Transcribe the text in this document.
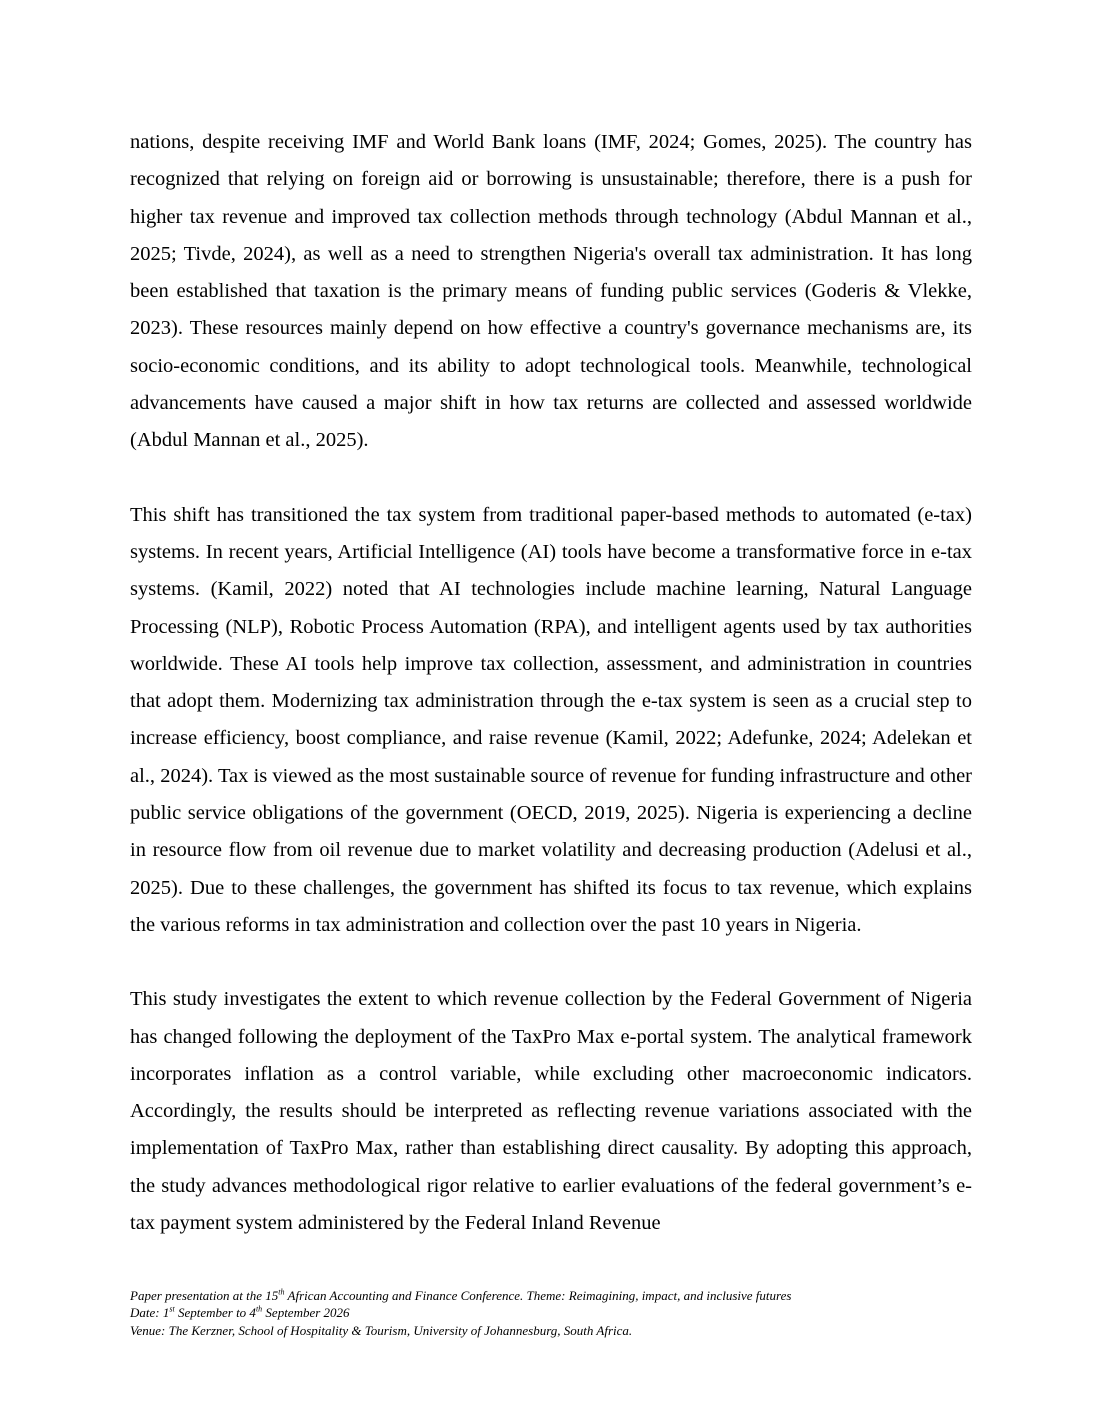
nations, despite receiving IMF and World Bank loans (IMF, 2024; Gomes, 2025). The country has recognized that relying on foreign aid or borrowing is unsustainable; therefore, there is a push for higher tax revenue and improved tax collection methods through technology (Abdul Mannan et al., 2025; Tivde, 2024), as well as a need to strengthen Nigeria's overall tax administration. It has long been established that taxation is the primary means of funding public services (Goderis & Vlekke, 2023). These resources mainly depend on how effective a country's governance mechanisms are, its socio-economic conditions, and its ability to adopt technological tools. Meanwhile, technological advancements have caused a major shift in how tax returns are collected and assessed worldwide (Abdul Mannan et al., 2025).

This shift has transitioned the tax system from traditional paper-based methods to automated (e-tax) systems. In recent years, Artificial Intelligence (AI) tools have become a transformative force in e-tax systems. (Kamil, 2022) noted that AI technologies include machine learning, Natural Language Processing (NLP), Robotic Process Automation (RPA), and intelligent agents used by tax authorities worldwide. These AI tools help improve tax collection, assessment, and administration in countries that adopt them. Modernizing tax administration through the e-tax system is seen as a crucial step to increase efficiency, boost compliance, and raise revenue (Kamil, 2022; Adefunke, 2024; Adelekan et al., 2024). Tax is viewed as the most sustainable source of revenue for funding infrastructure and other public service obligations of the government (OECD, 2019, 2025). Nigeria is experiencing a decline in resource flow from oil revenue due to market volatility and decreasing production (Adelusi et al., 2025). Due to these challenges, the government has shifted its focus to tax revenue, which explains the various reforms in tax administration and collection over the past 10 years in Nigeria.

This study investigates the extent to which revenue collection by the Federal Government of Nigeria has changed following the deployment of the TaxPro Max e-portal system. The analytical framework incorporates inflation as a control variable, while excluding other macroeconomic indicators. Accordingly, the results should be interpreted as reflecting revenue variations associated with the implementation of TaxPro Max, rather than establishing direct causality. By adopting this approach, the study advances methodological rigor relative to earlier evaluations of the federal government’s e-tax payment system administered by the Federal Inland Revenue

Paper presentation at the 15th African Accounting and Finance Conference. Theme: Reimagining, impact, and inclusive futures
Date: 1st September to 4th September 2026
Venue: The Kerzner, School of Hospitality & Tourism, University of Johannesburg, South Africa.
